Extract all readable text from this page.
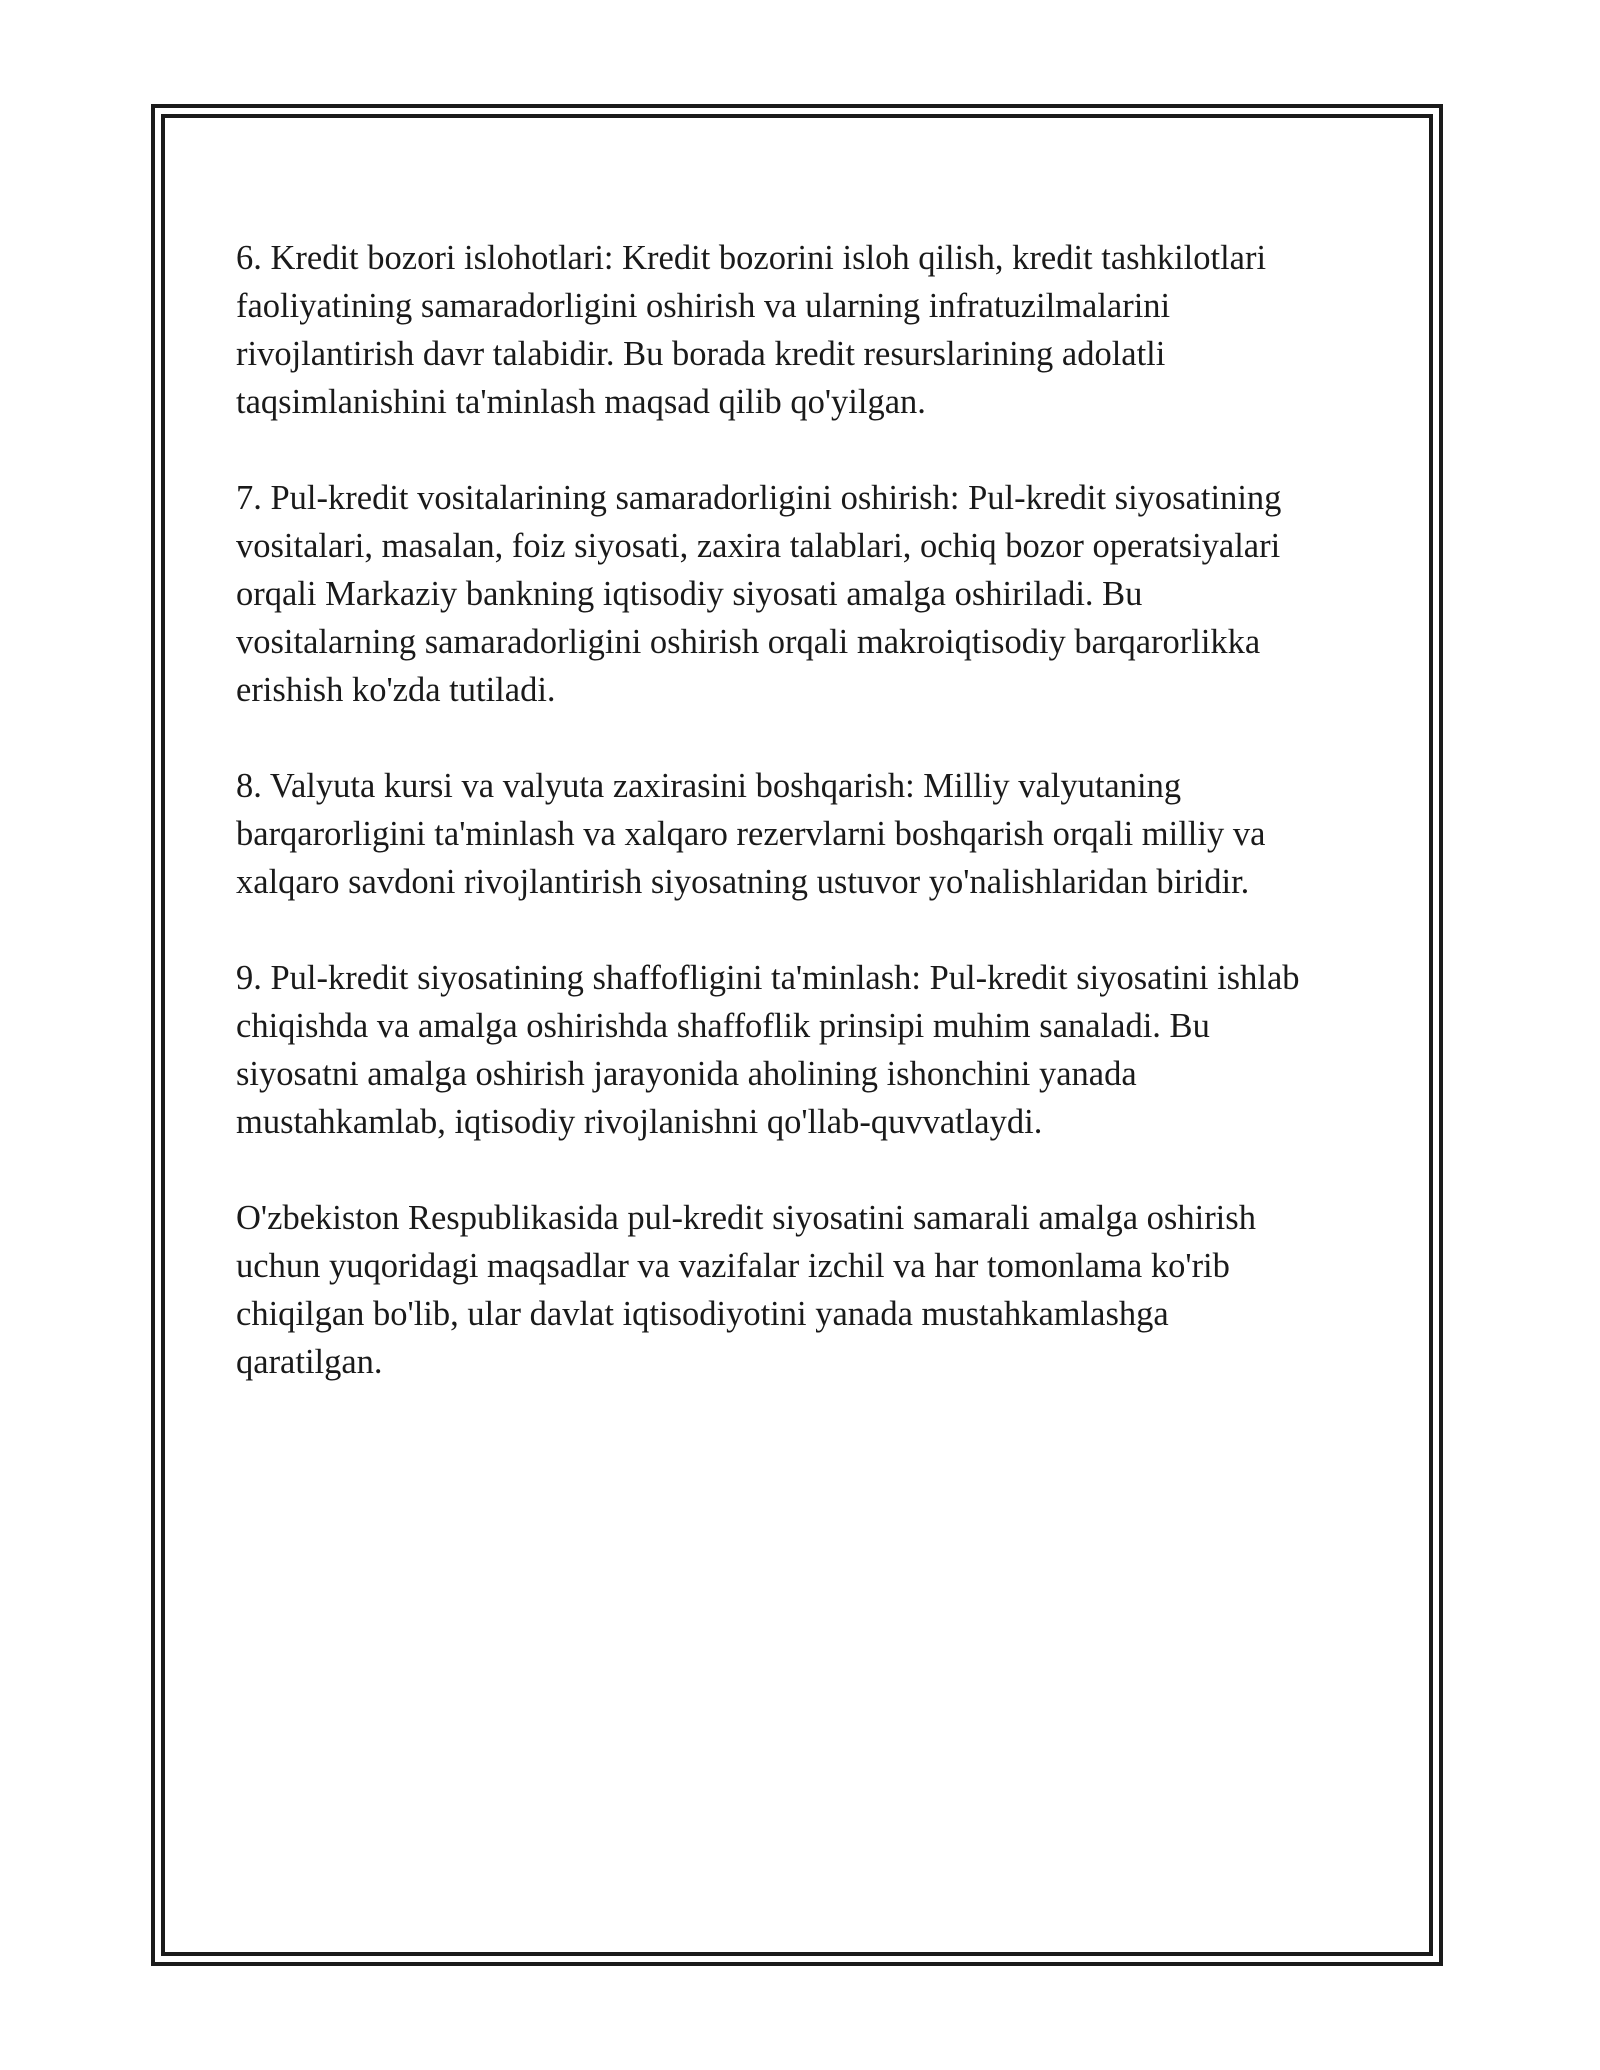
6. Kredit bozori islohotlari: Kredit bozorini isloh qilish, kredit tashkilotlari
faoliyatining samaradorligini oshirish va ularning infratuzilmalarini
rivojlantirish davr talabidir. Bu borada kredit resurslarining adolatli
taqsimlanishini ta'minlash maqsad qilib qo'yilgan.

7. Pul-kredit vositalarining samaradorligini oshirish: Pul-kredit siyosatining
vositalari, masalan, foiz siyosati, zaxira talablari, ochiq bozor operatsiyalari
orqali Markaziy bankning iqtisodiy siyosati amalga oshiriladi. Bu
vositalarning samaradorligini oshirish orqali makroiqtisodiy barqarorlikka
erishish ko'zda tutiladi.

8. Valyuta kursi va valyuta zaxirasini boshqarish: Milliy valyutaning
barqarorligini ta'minlash va xalqaro rezervlarni boshqarish orqali milliy va
xalqaro savdoni rivojlantirish siyosatning ustuvor yo'nalishlaridan biridir.

9. Pul-kredit siyosatining shaffofligini ta'minlash: Pul-kredit siyosatini ishlab
chiqishda va amalga oshirishda shaffoflik prinsipi muhim sanaladi. Bu
siyosatni amalga oshirish jarayonida aholining ishonchini yanada
mustahkamlab, iqtisodiy rivojlanishni qo'llab-quvvatlaydi.

O'zbekiston Respublikasida pul-kredit siyosatini samarali amalga oshirish
uchun yuqoridagi maqsadlar va vazifalar izchil va har tomonlama ko'rib
chiqilgan bo'lib, ular davlat iqtisodiyotini yanada mustahkamlashga
qaratilgan.
